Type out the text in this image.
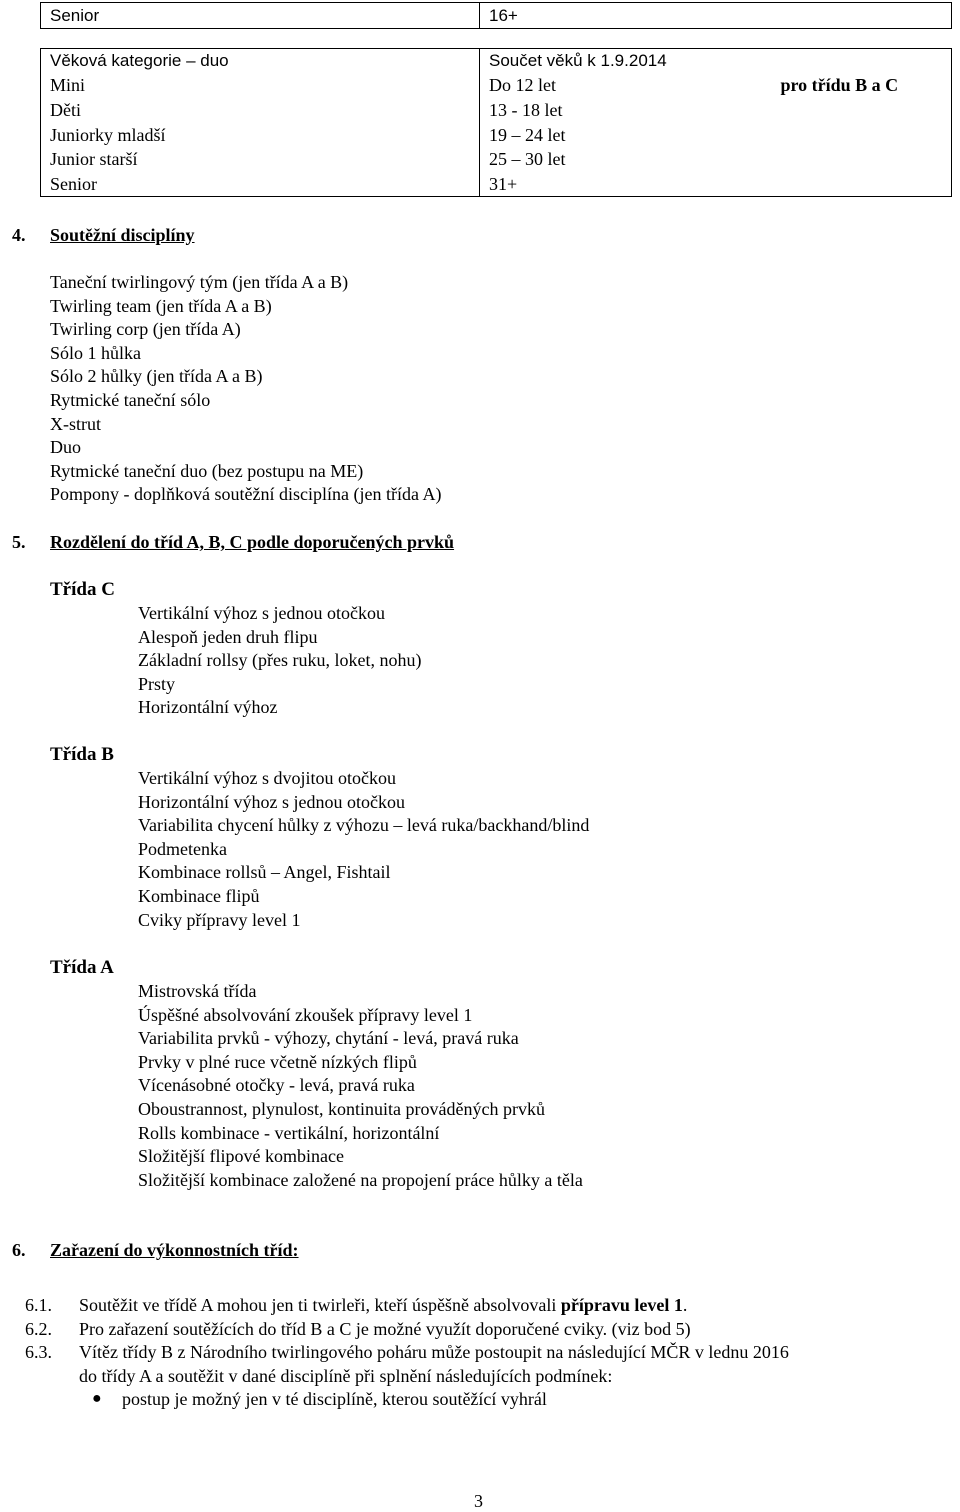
Senior	16+
Věková kategorie – duo	Součet věků k 1.9.2014
Mini	Do 12 let pro třídu B a C

Děti	13 - 18 let
Juniorky mladší	19 – 24 let
Junior starší	25 – 30 let
Senior	31+
4. Soutěžní disciplíny
Taneční twirlingový tým (jen třída A a B)
Twirling team (jen třída A a B)
Twirling corp (jen třída A)
Sólo 1 hůlka
Sólo 2 hůlky (jen třída A a B)
Rytmické taneční sólo
X-strut
Duo
Rytmické taneční duo (bez postupu na ME)
Pompony - doplňková soutěžní disciplína (jen třída A)
5. Rozdělení do tříd A, B, C podle doporučených prvků
Třída C
Vertikální výhoz s jednou otočkou
Alespoň jeden druh flipu
Základní rollsy (přes ruku, loket, nohu)
Prsty
Horizontální výhoz
Třída B
Vertikální výhoz s dvojitou otočkou
Horizontální výhoz s jednou otočkou
Variabilita chycení hůlky z výhozu – levá ruka/backhand/blind
Podmetenka
Kombinace rollsů – Angel, Fishtail
Kombinace flipů
Cviky přípravy level 1
Třída A
Mistrovská třída
Úspěšné absolvování zkoušek přípravy level 1
Variabilita prvků - výhozy, chytání - levá, pravá ruka
Prvky v plné ruce včetně nízkých flipů
Vícenásobné otočky - levá, pravá ruka
Oboustrannost, plynulost, kontinuita prováděných prvků
Rolls kombinace - vertikální, horizontální
Složitější flipové kombinace
Složitější kombinace založené na propojení práce hůlky a těla
6. Zařazení do výkonnostních tříd:
6.1. Soutěžit ve třídě A mohou jen ti twirleři, kteří úspěšně absolvovali přípravu level 1.
6.2. Pro zařazení soutěžících do tříd B a C je možné využít doporučené cviky. (viz bod 5)
6.3. Vítěz třídy B z Národního twirlingového poháru může postoupit na následující MČR v lednu 2016
do třídy A a soutěžit v dané disciplíně při splnění následujících podmínek:
● postup je možný jen v té disciplíně, kterou soutěžící vyhrál
3
